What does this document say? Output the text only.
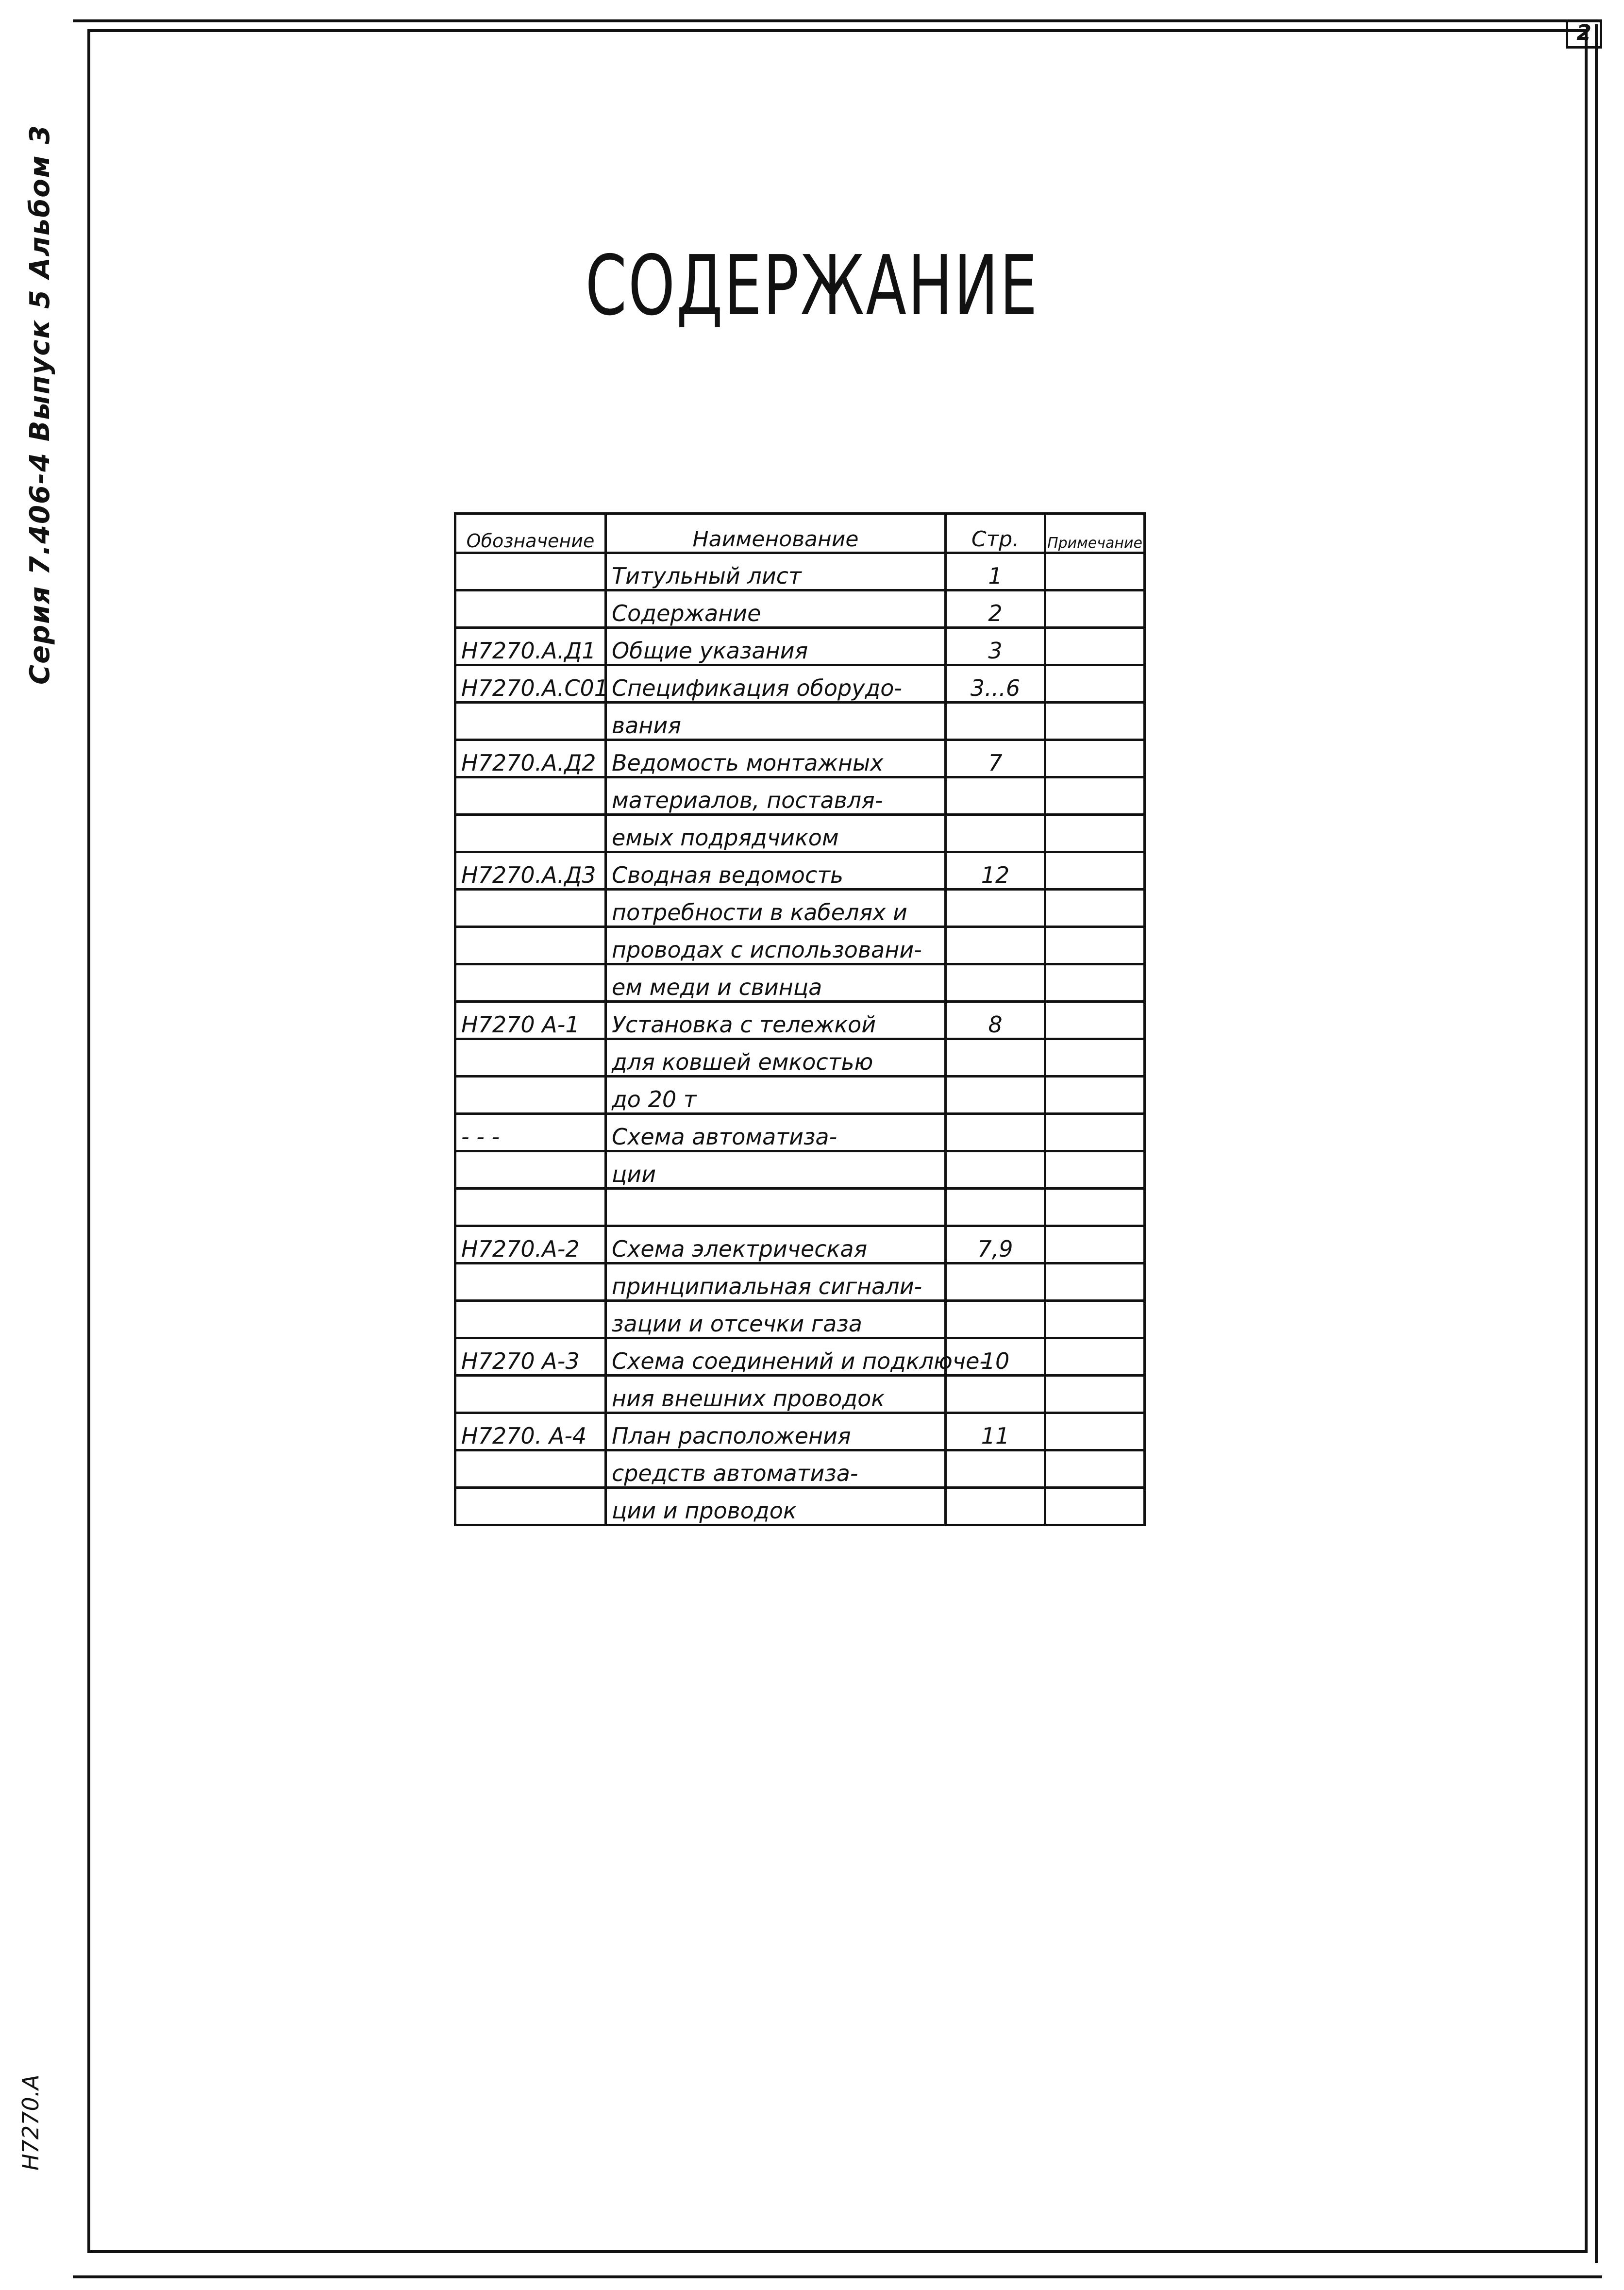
2
Серия 7.406-4 Выпуск 5 Альбом 3
Н7270.А
СОДЕРЖАНИЕ
Обозначение	Наименование	Стр.	Примечание
	Титульный лист	1	
	Содержание	2	
Н7270.А.Д1	Общие указания	3	
Н7270.А.С01	Спецификация оборудо-	3...6	
	вания		
Н7270.А.Д2	Ведомость монтажных	7	
	материалов, поставля-		
	емых подрядчиком		
Н7270.А.Д3	Сводная ведомость	12	
	потребности в кабелях и		
	проводах с использовани-		
	ем меди и свинца		
Н7270 А-1	Установка с тележкой	8	
	для ковшей емкостью		
	до 20 т		
- - -	Схема автоматиза-		
	ции		

Н7270.А-2	Схема электрическая	7,9	
	принципиальная сигнали-		
	зации и отсечки газа		
Н7270 А-3	Схема соединений и подключе-	10	
	ния внешних проводок		
Н7270. А-4	План расположения	11	
	средств автоматиза-		
	ции и проводок		
